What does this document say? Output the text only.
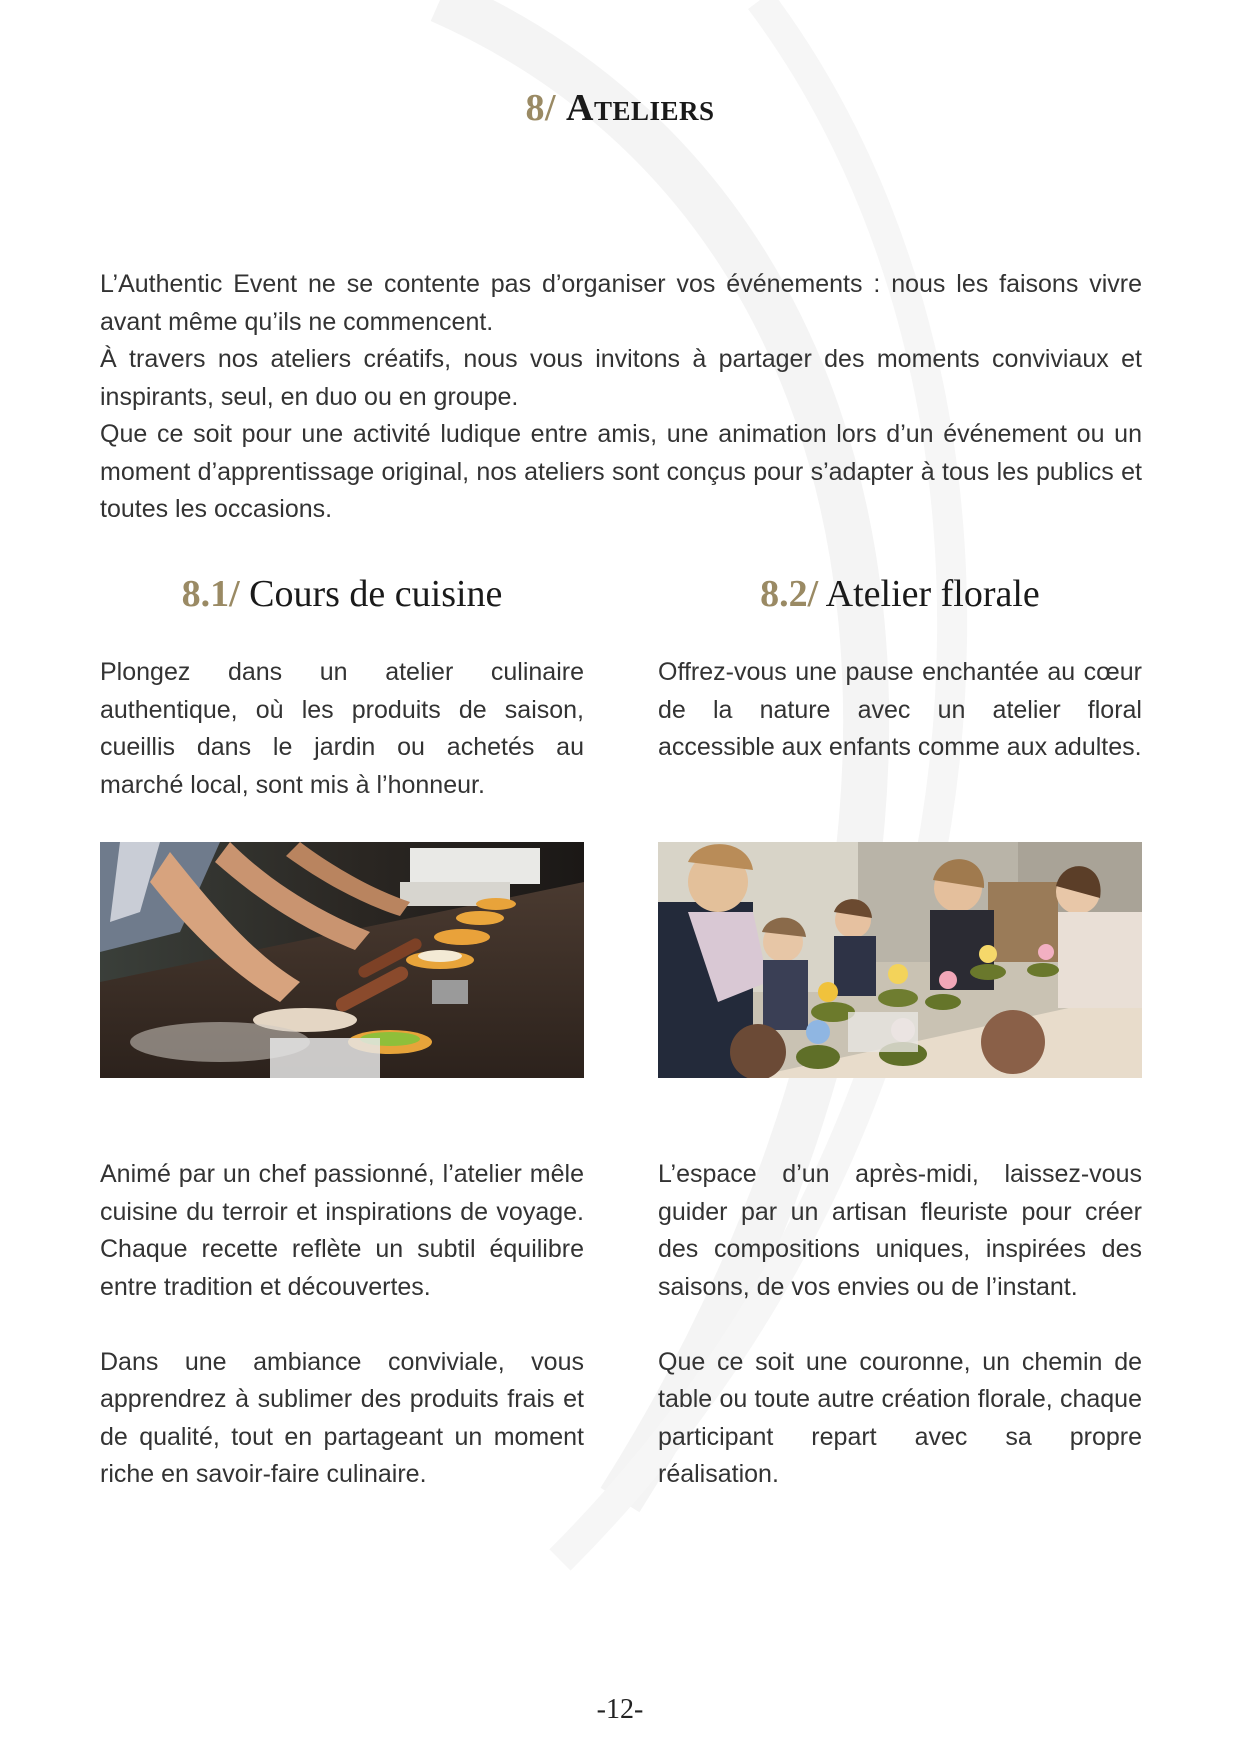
8/ Ateliers

L’Authentic Event ne se contente pas d’organiser vos événements : nous les faisons vivre avant même qu’ils ne commencent.

À travers nos ateliers créatifs, nous vous invitons à partager des moments conviviaux et inspirants, seul, en duo ou en groupe.

Que ce soit pour une activité ludique entre amis, une animation lors d’un événement ou un moment d’apprentissage original, nos ateliers sont conçus pour s’adapter à tous les publics et toutes les occasions.

8.1/ Cours de cuisine

Plongez dans un atelier culinaire authentique, où les produits de saison, cueillis dans le jardin ou achetés au marché local, sont mis à l’honneur.

Animé par un chef passionné, l’atelier mêle cuisine du terroir et inspirations de voyage. Chaque recette reflète un subtil équilibre entre tradition et découvertes.

Dans une ambiance conviviale, vous apprendrez à sublimer des produits frais et de qualité, tout en partageant un moment riche en savoir-faire culinaire.

8.2/ Atelier florale

Offrez-vous une pause enchantée au cœur de la nature avec un atelier floral accessible aux enfants comme aux adultes.

L’espace d’un après-midi, laissez-vous guider par un artisan fleuriste pour créer des compositions uniques, inspirées des saisons, de vos envies ou de l’instant.

Que ce soit une couronne, un chemin de table ou toute autre création florale, chaque participant repart avec sa propre réalisation.

-12-
